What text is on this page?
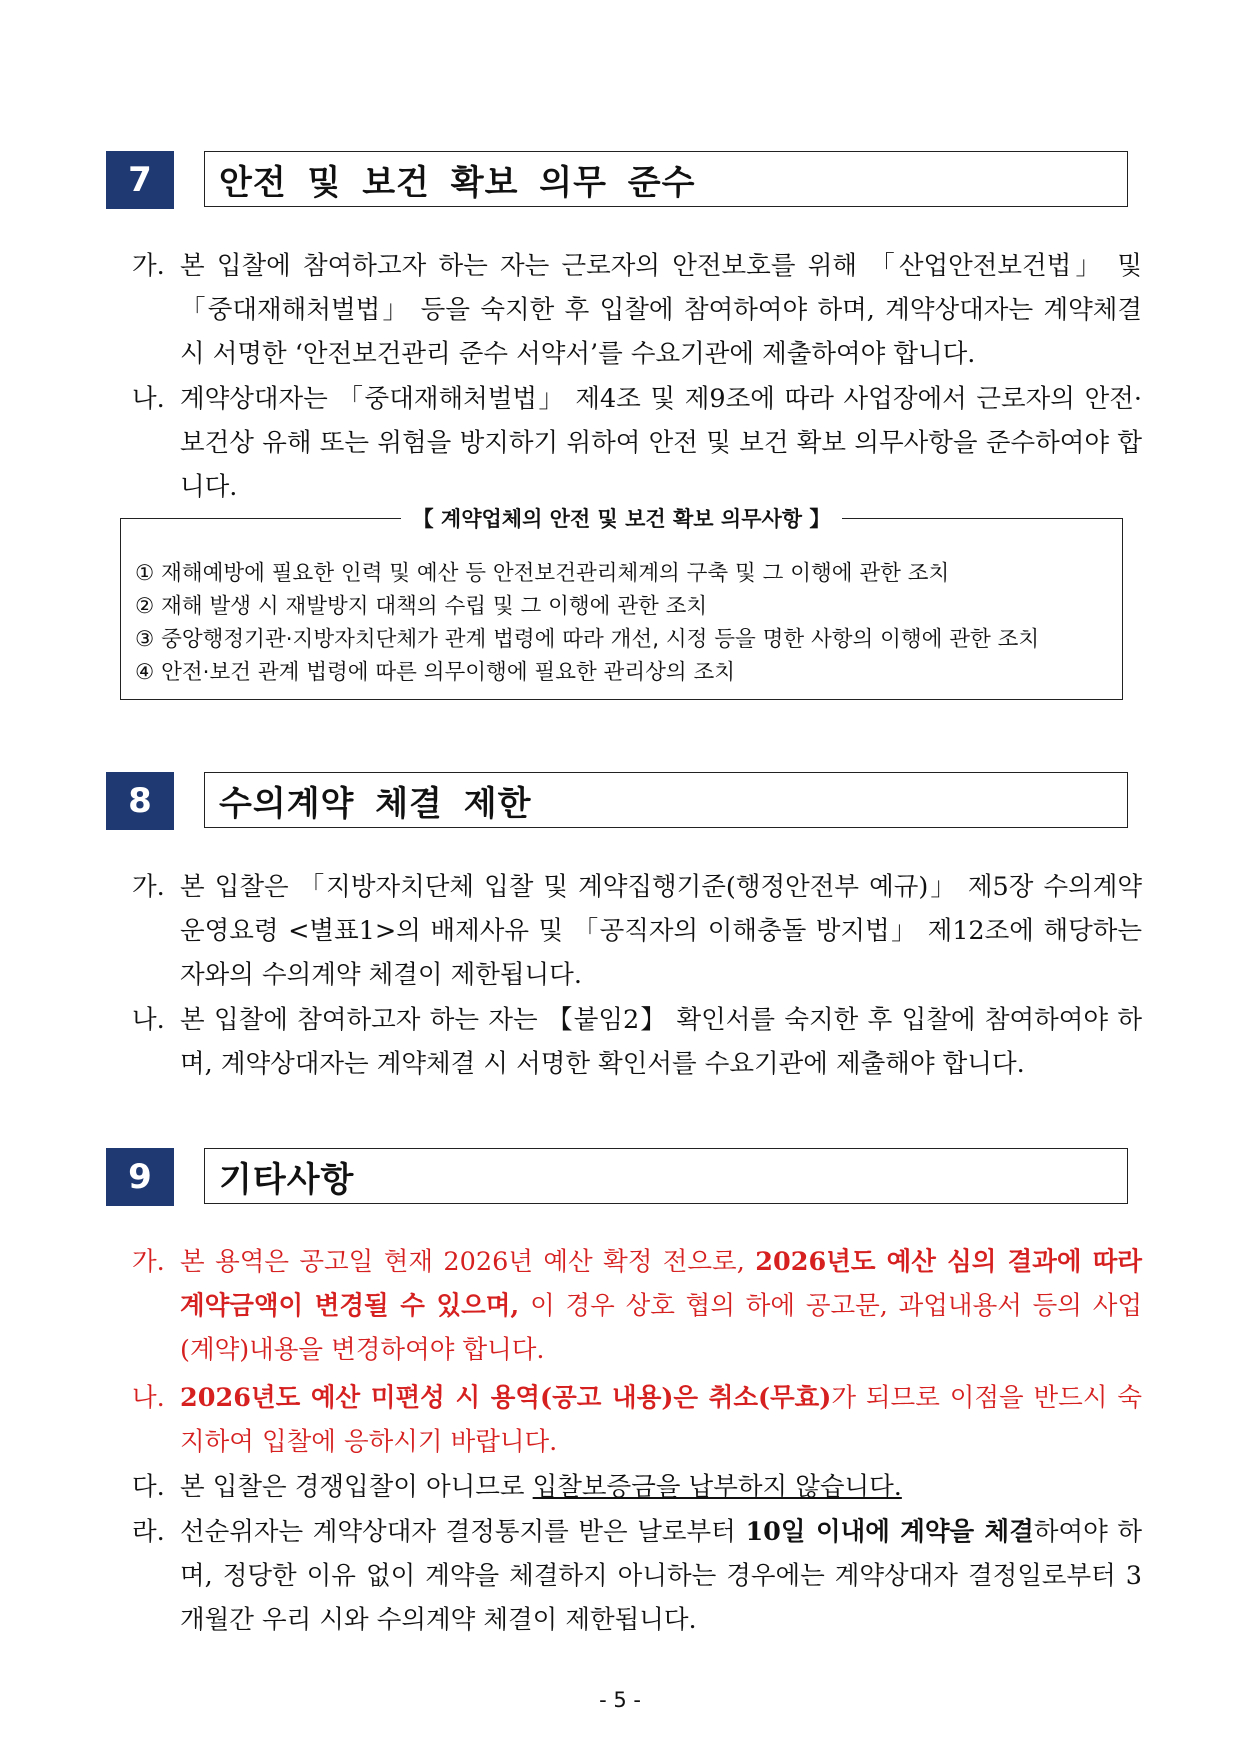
7	안전 및 보건 확보 의무 준수
가. 본 입찰에 참여하고자 하는 자는 근로자의 안전보호를 위해 「산업안전보건법」 및 「중대재해처벌법」 등을 숙지한 후 입찰에 참여하여야 하며, 계약상대자는 계약체결 시 서명한 ‘안전보건관리 준수 서약서’를 수요기관에 제출하여야 합니다.
나. 계약상대자는 「중대재해처벌법」 제4조 및 제9조에 따라 사업장에서 근로자의 안전·보건상 유해 또는 위험을 방지하기 위하여 안전 및 보건 확보 의무사항을 준수하여야 합니다.
【 계약업체의 안전 및 보건 확보 의무사항 】
① 재해예방에 필요한 인력 및 예산 등 안전보건관리체계의 구축 및 그 이행에 관한 조치
② 재해 발생 시 재발방지 대책의 수립 및 그 이행에 관한 조치
③ 중앙행정기관·지방자치단체가 관계 법령에 따라 개선, 시정 등을 명한 사항의 이행에 관한 조치
④ 안전·보건 관계 법령에 따른 의무이행에 필요한 관리상의 조치
8	수의계약 체결 제한
가. 본 입찰은 「지방자치단체 입찰 및 계약집행기준(행정안전부 예규)」 제5장 수의계약 운영요령 <별표1>의 배제사유 및 「공직자의 이해충돌 방지법」 제12조에 해당하는 자와의 수의계약 체결이 제한됩니다.
나. 본 입찰에 참여하고자 하는 자는 【붙임2】 확인서를 숙지한 후 입찰에 참여하여야 하며, 계약상대자는 계약체결 시 서명한 확인서를 수요기관에 제출해야 합니다.
9	기타사항
가. 본 용역은 공고일 현재 2026년 예산 확정 전으로, 2026년도 예산 심의 결과에 따라 계약금액이 변경될 수 있으며, 이 경우 상호 협의 하에 공고문, 과업내용서 등의 사업(계약)내용을 변경하여야 합니다.
나. 2026년도 예산 미편성 시 용역(공고 내용)은 취소(무효)가 되므로 이점을 반드시 숙지하여 입찰에 응하시기 바랍니다.
다. 본 입찰은 경쟁입찰이 아니므로 입찰보증금을 납부하지 않습니다.
라. 선순위자는 계약상대자 결정통지를 받은 날로부터 10일 이내에 계약을 체결하여야 하며, 정당한 이유 없이 계약을 체결하지 아니하는 경우에는 계약상대자 결정일로부터 3개월간 우리 시와 수의계약 체결이 제한됩니다.
- 5 -
